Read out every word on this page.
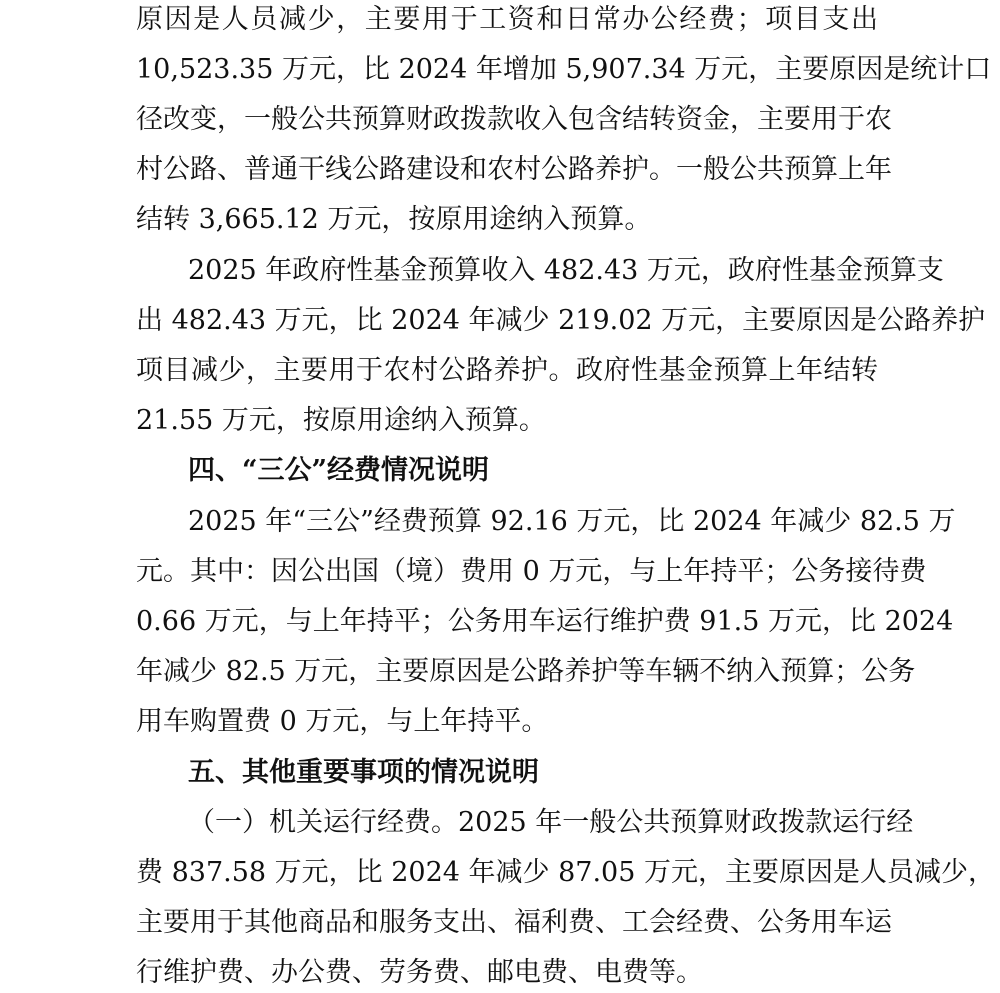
原因是人员减少，主要用于工资和日常办公经费；项目支出
10,523.35 万元，比 2024 年增加 5,907.34 万元，主要原因是统计口
径改变，一般公共预算财政拨款收入包含结转资金，主要用于农
村公路、普通干线公路建设和农村公路养护。一般公共预算上年
结转 3,665.12 万元，按原用途纳入预算。
2025 年政府性基金预算收入 482.43 万元，政府性基金预算支
出 482.43 万元，比 2024 年减少 219.02 万元，主要原因是公路养护
项目减少，主要用于农村公路养护。政府性基金预算上年结转
21.55 万元，按原用途纳入预算。
四、“三公”经费情况说明
2025 年“三公”经费预算 92.16 万元，比 2024 年减少 82.5 万
元。其中：因公出国（境）费用 0 万元，与上年持平；公务接待费
0.66 万元，与上年持平；公务用车运行维护费 91.5 万元，比 2024
年减少 82.5 万元，主要原因是公路养护等车辆不纳入预算；公务
用车购置费 0 万元，与上年持平。
五、其他重要事项的情况说明
（一）机关运行经费。2025 年一般公共预算财政拨款运行经
费 837.58 万元，比 2024 年减少 87.05 万元，主要原因是人员减少，
主要用于其他商品和服务支出、福利费、工会经费、公务用车运
行维护费、办公费、劳务费、邮电费、电费等。
